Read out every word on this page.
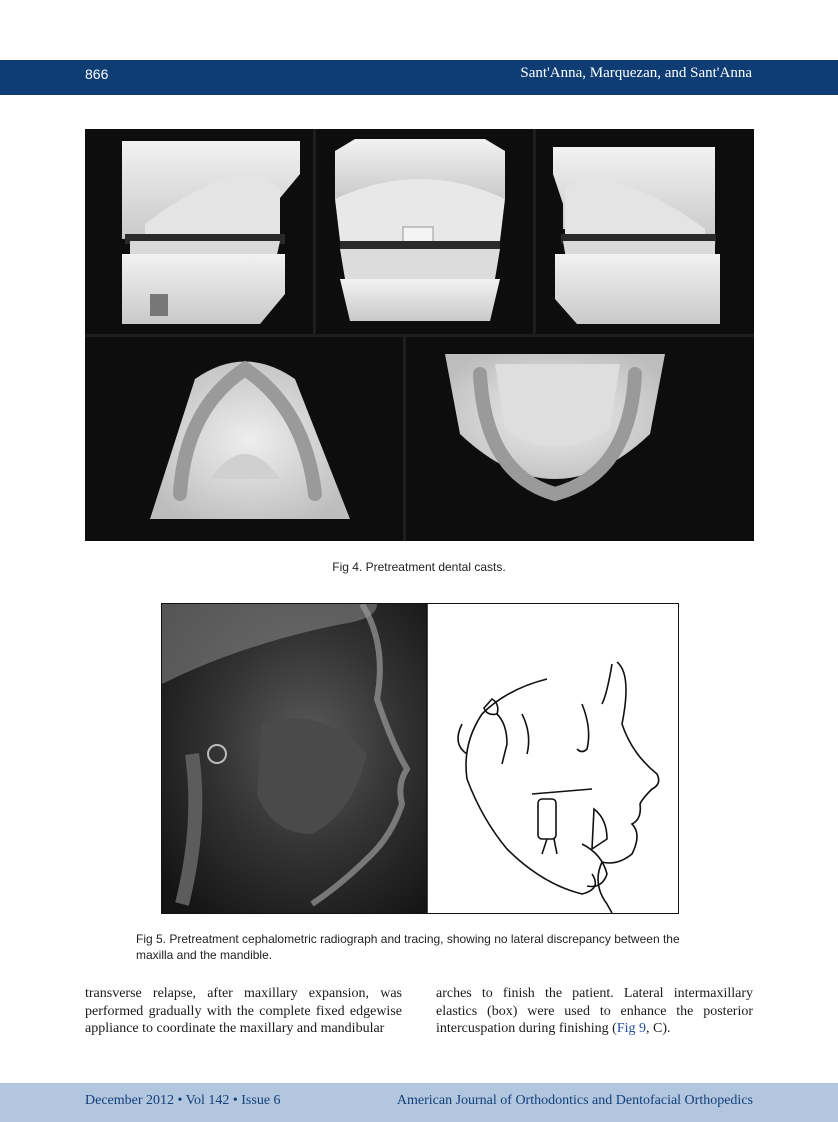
866	Sant'Anna, Marquezan, and Sant'Anna
Fig 4. Pretreatment dental casts.
Fig 5. Pretreatment cephalometric radiograph and tracing, showing no lateral discrepancy between the maxilla and the mandible.
transverse relapse, after maxillary expansion, was performed gradually with the complete fixed edgewise appliance to coordinate the maxillary and mandibular
arches to finish the patient. Lateral intermaxillary elastics (box) were used to enhance the posterior intercuspation during finishing (Fig 9, C).
December 2012 • Vol 142 • Issue 6	American Journal of Orthodontics and Dentofacial Orthopedics
